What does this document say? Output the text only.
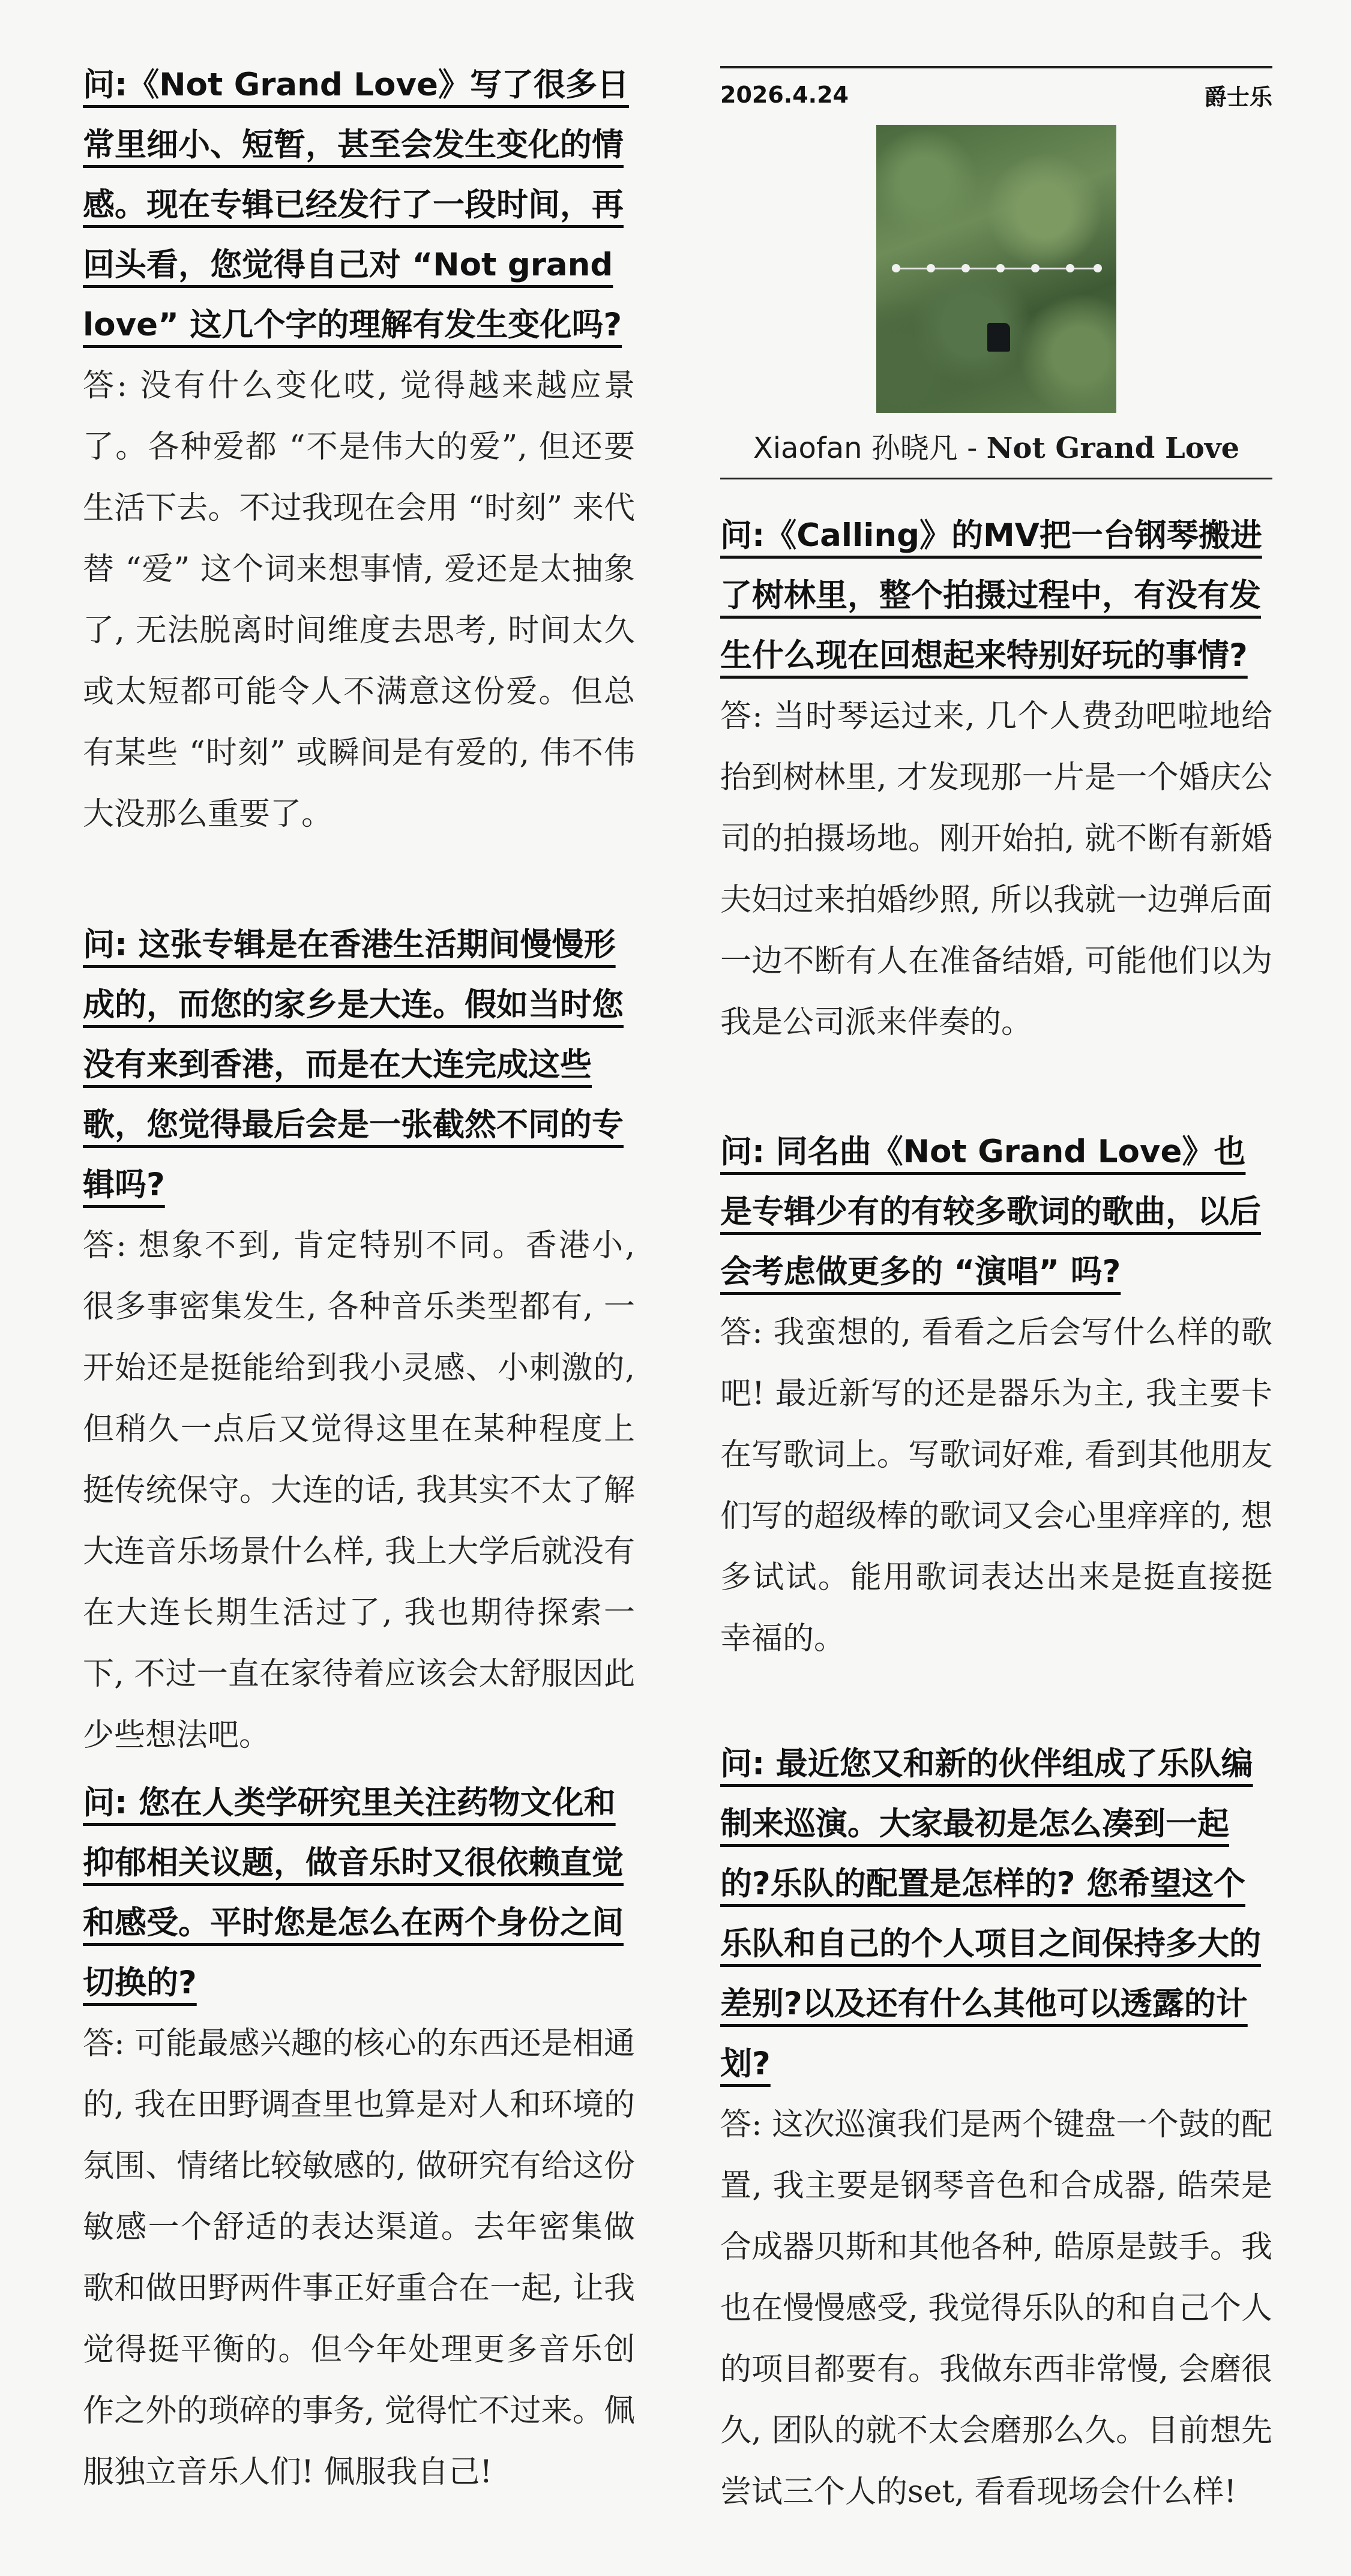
问:《Not Grand Love》写了很多日常里细小、短暂，甚至会发生变化的情感。现在专辑已经发行了一段时间，再回头看，您觉得自己对 “Not grand love” 这几个字的理解有发生变化吗?

答: 没有什么变化哎, 觉得越来越应景了。各种爱都 “不是伟大的爱”, 但还要生活下去。不过我现在会用 “时刻” 来代替 “爱” 这个词来想事情, 爱还是太抽象了, 无法脱离时间维度去思考, 时间太久或太短都可能令人不满意这份爱。但总有某些 “时刻” 或瞬间是有爱的, 伟不伟大没那么重要了。

问: 这张专辑是在香港生活期间慢慢形成的，而您的家乡是大连。假如当时您没有来到香港，而是在大连完成这些歌，您觉得最后会是一张截然不同的专辑吗?

答: 想象不到, 肯定特别不同。香港小, 很多事密集发生, 各种音乐类型都有, 一开始还是挺能给到我小灵感、小刺激的, 但稍久一点后又觉得这里在某种程度上挺传统保守。大连的话, 我其实不太了解大连音乐场景什么样, 我上大学后就没有在大连长期生活过了, 我也期待探索一下, 不过一直在家待着应该会太舒服因此少些想法吧。

问: 您在人类学研究里关注药物文化和抑郁相关议题，做音乐时又很依赖直觉和感受。平时您是怎么在两个身份之间切换的?

答: 可能最感兴趣的核心的东西还是相通的, 我在田野调查里也算是对人和环境的氛围、情绪比较敏感的, 做研究有给这份敏感一个舒适的表达渠道。去年密集做歌和做田野两件事正好重合在一起, 让我觉得挺平衡的。但今年处理更多音乐创作之外的琐碎的事务, 觉得忙不过来。佩服独立音乐人们! 佩服我自己!

2026.4.24	爵士乐
Xiaofan 孙晓凡 - Not Grand Love

问:《Calling》的MV把一台钢琴搬进了树林里，整个拍摄过程中，有没有发生什么现在回想起来特别好玩的事情?

答: 当时琴运过来, 几个人费劲吧啦地给抬到树林里, 才发现那一片是一个婚庆公司的拍摄场地。刚开始拍, 就不断有新婚夫妇过来拍婚纱照, 所以我就一边弹后面一边不断有人在准备结婚, 可能他们以为我是公司派来伴奏的。

问: 同名曲《Not Grand Love》也是专辑少有的有较多歌词的歌曲，以后会考虑做更多的 “演唱” 吗?

答: 我蛮想的, 看看之后会写什么样的歌吧! 最近新写的还是器乐为主, 我主要卡在写歌词上。写歌词好难, 看到其他朋友们写的超级棒的歌词又会心里痒痒的, 想多试试。能用歌词表达出来是挺直接挺幸福的。

问: 最近您又和新的伙伴组成了乐队编制来巡演。大家最初是怎么凑到一起的?乐队的配置是怎样的? 您希望这个乐队和自己的个人项目之间保持多大的差别?以及还有什么其他可以透露的计划?

答: 这次巡演我们是两个键盘一个鼓的配置, 我主要是钢琴音色和合成器, 皓荣是合成器贝斯和其他各种, 皓原是鼓手。我也在慢慢感受, 我觉得乐队的和自己个人的项目都要有。我做东西非常慢, 会磨很久, 团队的就不太会磨那么久。目前想先尝试三个人的set, 看看现场会什么样!
